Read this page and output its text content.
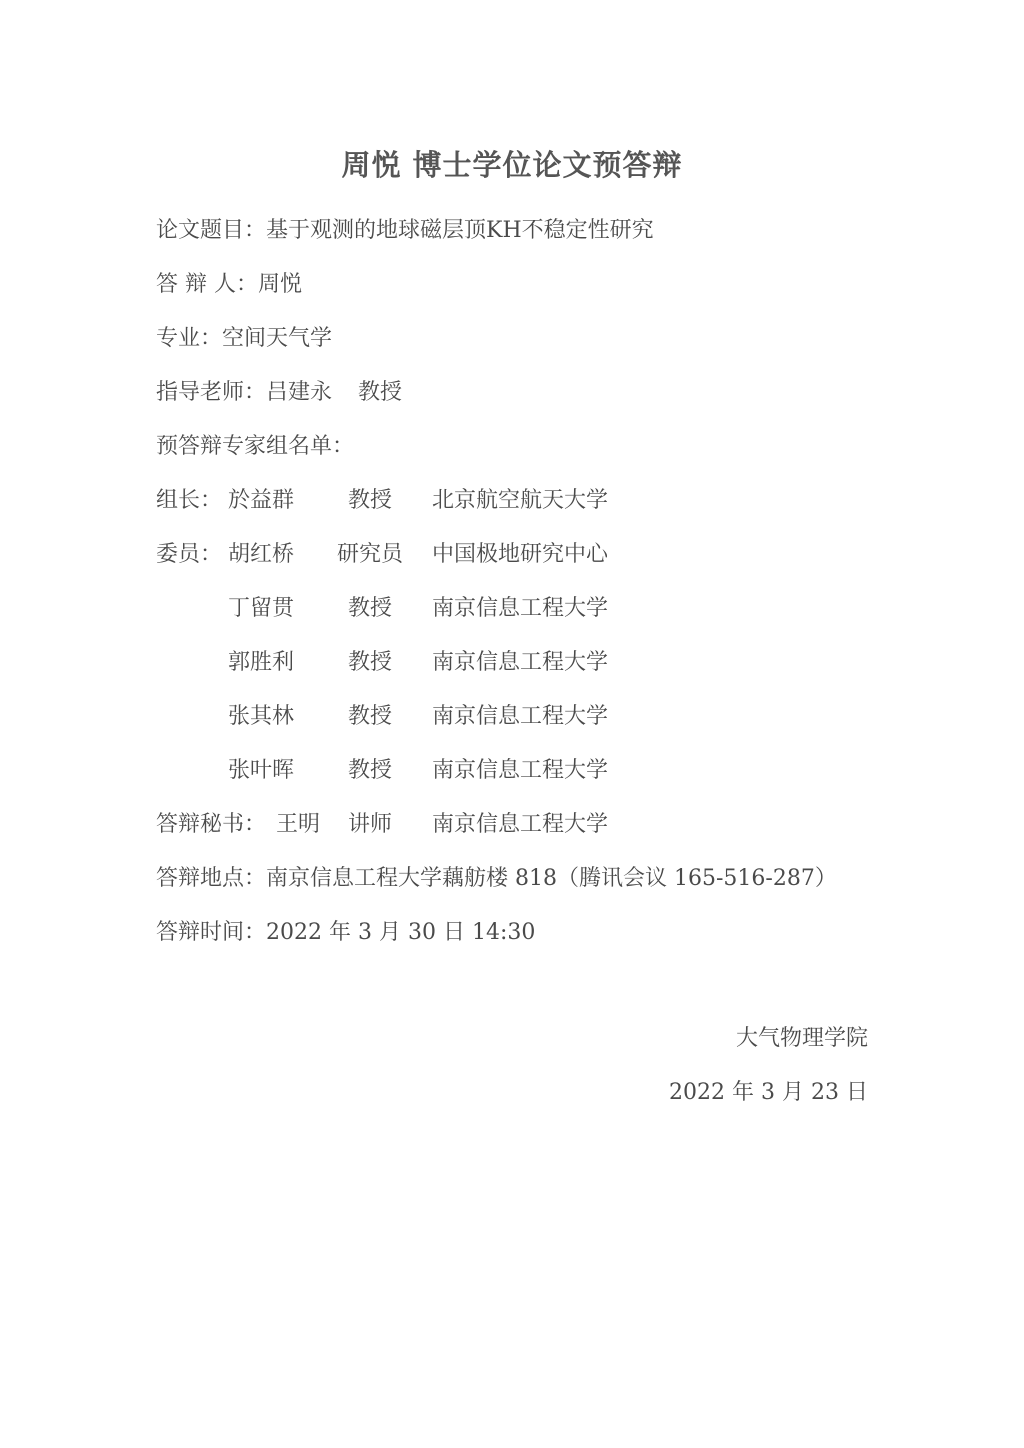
周悦 博士学位论文预答辩
论文题目：基于观测的地球磁层顶KH不稳定性研究
答 辩 人：周悦
专业：空间天气学
指导老师：吕建永 教授
预答辩专家组名单：
组长： 於益群 教授 北京航空航天大学
委员： 胡红桥 研究员 中国极地研究中心
丁留贯 教授 南京信息工程大学
郭胜利 教授 南京信息工程大学
张其林 教授 南京信息工程大学
张叶晖 教授 南京信息工程大学
答辩秘书： 王明 讲师 南京信息工程大学
答辩地点：南京信息工程大学藕舫楼 818（腾讯会议 165-516-287）
答辩时间：2022 年 3 月 30 日 14:30
大气物理学院
2022 年 3 月 23 日
